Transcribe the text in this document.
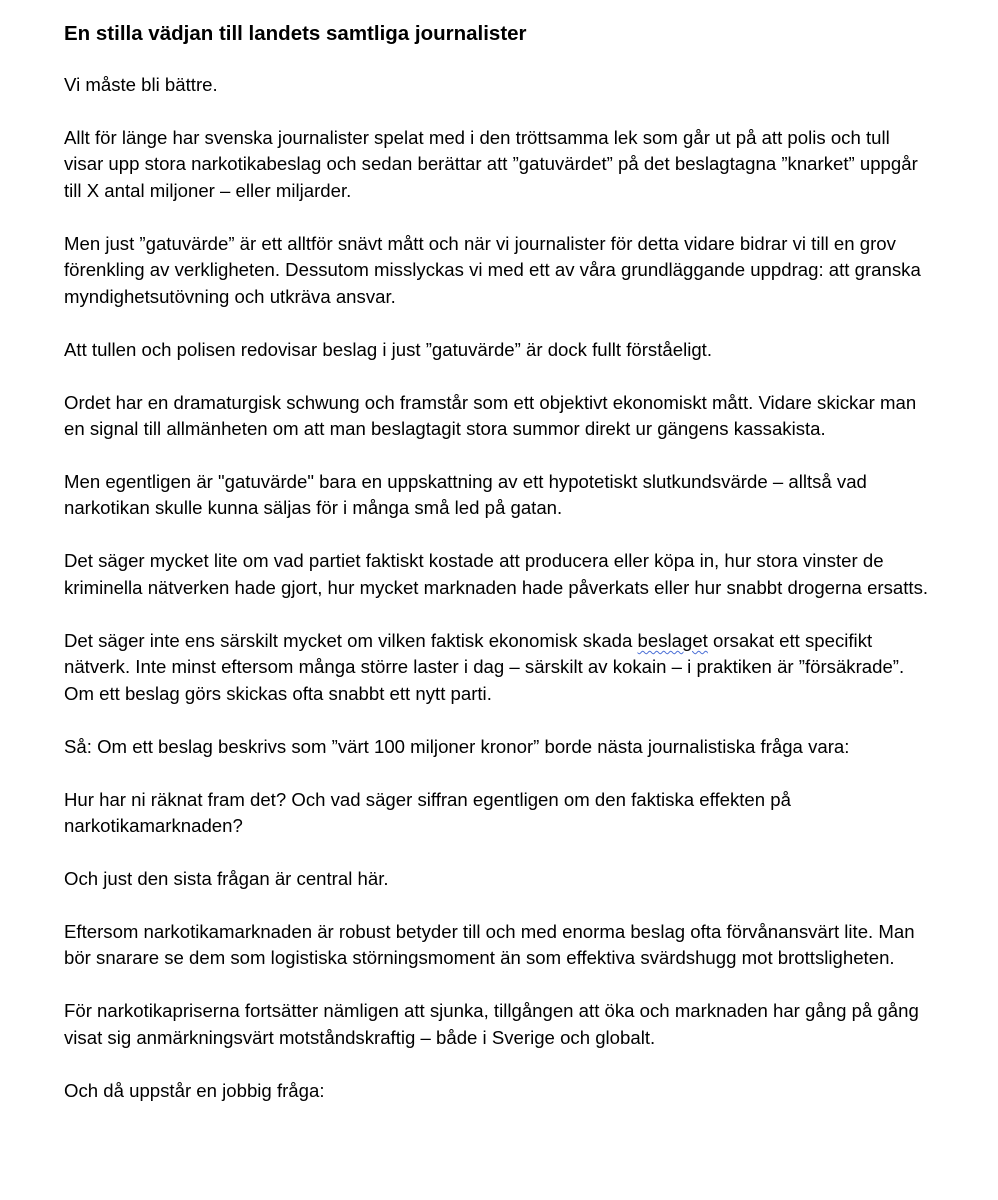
En stilla vädjan till landets samtliga journalister

Vi måste bli bättre.

Allt för länge har svenska journalister spelat med i den tröttsamma lek som går ut på att polis och tull visar upp stora narkotikabeslag och sedan berättar att ”gatuvärdet” på det beslagtagna ”knarket” uppgår till X antal miljoner – eller miljarder.

Men just ”gatuvärde” är ett alltför snävt mått och när vi journalister för detta vidare bidrar vi till en grov förenkling av verkligheten. Dessutom misslyckas vi med ett av våra grundläggande uppdrag: att granska myndighetsutövning och utkräva ansvar.

Att tullen och polisen redovisar beslag i just ”gatuvärde” är dock fullt förståeligt.

Ordet har en dramaturgisk schwung och framstår som ett objektivt ekonomiskt mått. Vidare skickar man en signal till allmänheten om att man beslagtagit stora summor direkt ur gängens kassakista.

Men egentligen är "gatuvärde" bara en uppskattning av ett hypotetiskt slutkundsvärde – alltså vad narkotikan skulle kunna säljas för i många små led på gatan.

Det säger mycket lite om vad partiet faktiskt kostade att producera eller köpa in, hur stora vinster de kriminella nätverken hade gjort, hur mycket marknaden hade påverkats eller hur snabbt drogerna ersatts.

Det säger inte ens särskilt mycket om vilken faktisk ekonomisk skada beslaget orsakat ett specifikt nätverk. Inte minst eftersom många större laster i dag – särskilt av kokain – i praktiken är ”försäkrade”. Om ett beslag görs skickas ofta snabbt ett nytt parti.

Så: Om ett beslag beskrivs som ”värt 100 miljoner kronor” borde nästa journalistiska fråga vara:

Hur har ni räknat fram det? Och vad säger siffran egentligen om den faktiska effekten på narkotikamarknaden?

Och just den sista frågan är central här.

Eftersom narkotikamarknaden är robust betyder till och med enorma beslag ofta förvånansvärt lite. Man bör snarare se dem som logistiska störningsmoment än som effektiva svärdshugg mot brottsligheten.

För narkotikapriserna fortsätter nämligen att sjunka, tillgången att öka och marknaden har gång på gång visat sig anmärkningsvärt motståndskraftig – både i Sverige och globalt.

Och då uppstår en jobbig fråga:
